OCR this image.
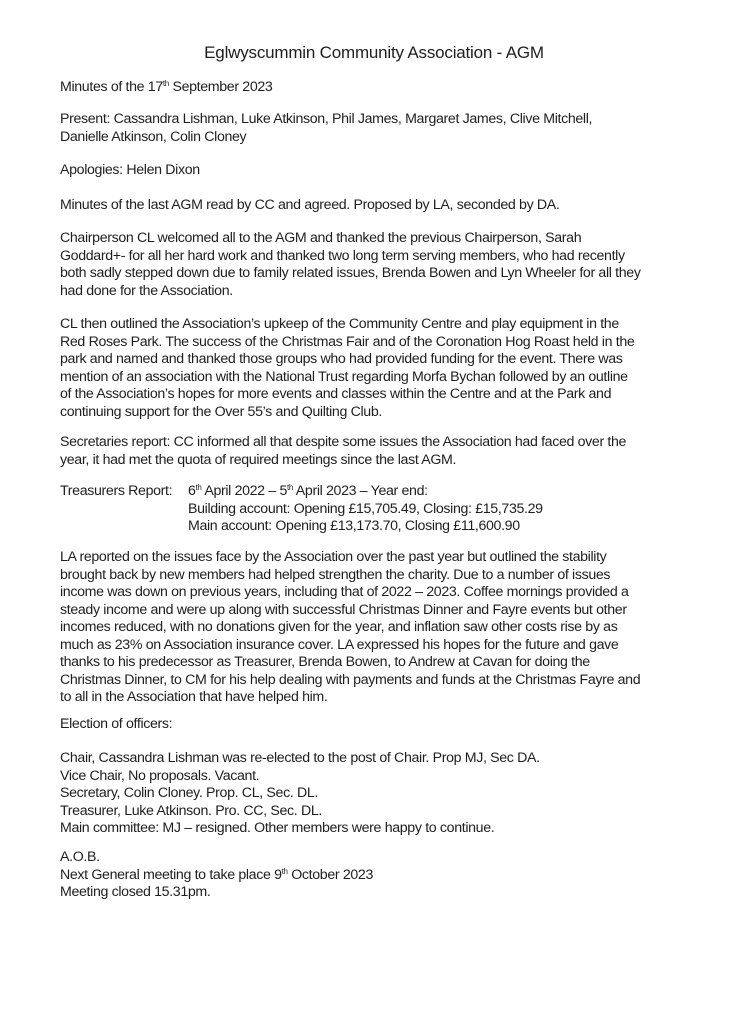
Eglwyscummin Community Association - AGM

Minutes of the 17th September 2023

Present: Cassandra Lishman, Luke Atkinson, Phil James, Margaret James, Clive Mitchell,

Danielle Atkinson, Colin Cloney

Apologies: Helen Dixon

Minutes of the last AGM read by CC and agreed. Proposed by LA, seconded by DA.

Chairperson CL welcomed all to the AGM and thanked the previous Chairperson, Sarah

Goddard+- for all her hard work and thanked two long term serving members, who had recently

both sadly stepped down due to family related issues, Brenda Bowen and Lyn Wheeler for all they

had done for the Association.

CL then outlined the Association’s upkeep of the Community Centre and play equipment in the

Red Roses Park. The success of the Christmas Fair and of the Coronation Hog Roast held in the

park and named and thanked those groups who had provided funding for the event. There was

mention of an association with the National Trust regarding Morfa Bychan followed by an outline

of the Association’s hopes for more events and classes within the Centre and at the Park and

continuing support for the Over 55’s and Quilting Club.

Secretaries report: CC informed all that despite some issues the Association had faced over the

year, it had met the quota of required meetings since the last AGM.

Treasurers Report:	6th April 2022 – 5th April 2023 – Year end:

Building account: Opening £15,705.49, Closing: £15,735.29

Main account: Opening £13,173.70, Closing £11,600.90

LA reported on the issues face by the Association over the past year but outlined the stability

brought back by new members had helped strengthen the charity. Due to a number of issues

income was down on previous years, including that of 2022 – 2023. Coffee mornings provided a

steady income and were up along with successful Christmas Dinner and Fayre events but other

incomes reduced, with no donations given for the year, and inflation saw other costs rise by as

much as 23% on Association insurance cover. LA expressed his hopes for the future and gave

thanks to his predecessor as Treasurer, Brenda Bowen, to Andrew at Cavan for doing the

Christmas Dinner, to CM for his help dealing with payments and funds at the Christmas Fayre and

to all in the Association that have helped him.

Election of officers:

Chair, Cassandra Lishman was re-elected to the post of Chair. Prop MJ, Sec DA.

Vice Chair, No proposals. Vacant.

Secretary, Colin Cloney. Prop. CL, Sec. DL.

Treasurer, Luke Atkinson. Pro. CC, Sec. DL.

Main committee: MJ – resigned. Other members were happy to continue.

A.O.B.

Next General meeting to take place 9th October 2023

Meeting closed 15.31pm.
